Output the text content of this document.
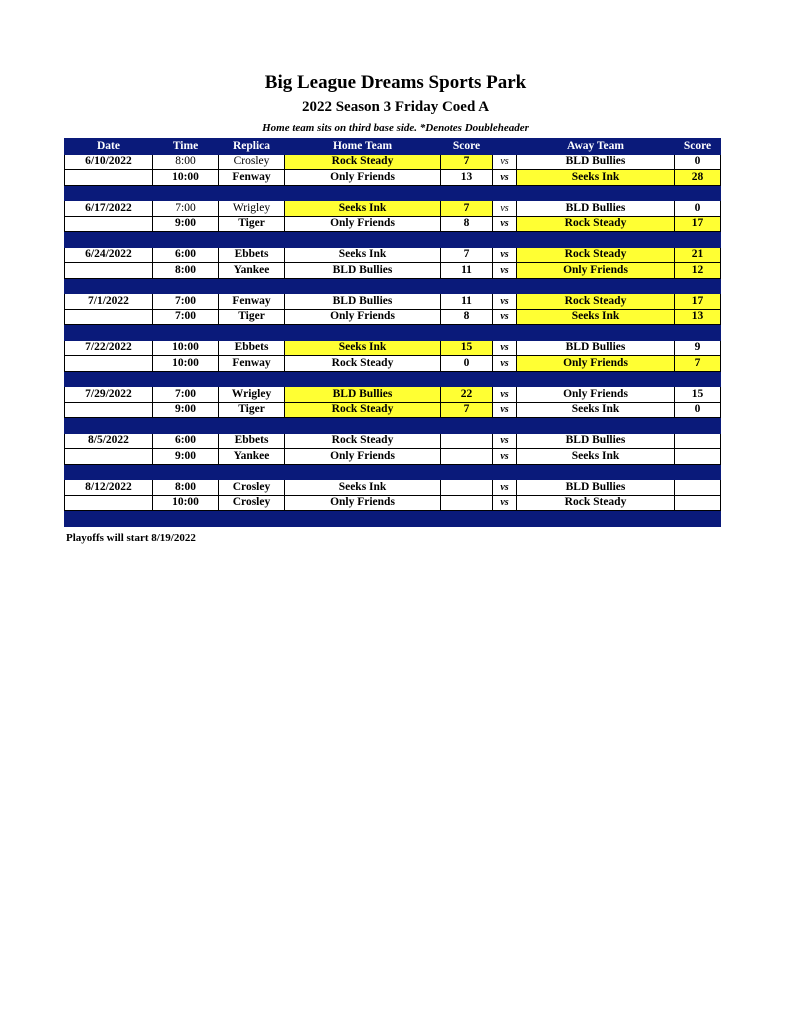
Big League Dreams Sports Park
2022 Season 3 Friday Coed A
Home team sits on third base side. *Denotes Doubleheader
Date	Time	Replica	Home Team	Score		Away Team	Score
6/10/2022	8:00	Crosley	Rock Steady	7	vs	BLD Bullies	0
	10:00	Fenway	Only Friends	13	vs	Seeks Ink	28

6/17/2022	7:00	Wrigley	Seeks Ink	7	vs	BLD Bullies	0
	9:00	Tiger	Only Friends	8	vs	Rock Steady	17

6/24/2022	6:00	Ebbets	Seeks Ink	7	vs	Rock Steady	21
	8:00	Yankee	BLD Bullies	11	vs	Only Friends	12

7/1/2022	7:00	Fenway	BLD Bullies	11	vs	Rock Steady	17
	7:00	Tiger	Only Friends	8	vs	Seeks Ink	13

7/22/2022	10:00	Ebbets	Seeks Ink	15	vs	BLD Bullies	9
	10:00	Fenway	Rock Steady	0	vs	Only Friends	7

7/29/2022	7:00	Wrigley	BLD Bullies	22	vs	Only Friends	15
	9:00	Tiger	Rock Steady	7	vs	Seeks Ink	0

8/5/2022	6:00	Ebbets	Rock Steady		vs	BLD Bullies	
	9:00	Yankee	Only Friends		vs	Seeks Ink	

8/12/2022	8:00	Crosley	Seeks Ink		vs	BLD Bullies	
	10:00	Crosley	Only Friends		vs	Rock Steady	

Playoffs will start 8/19/2022
